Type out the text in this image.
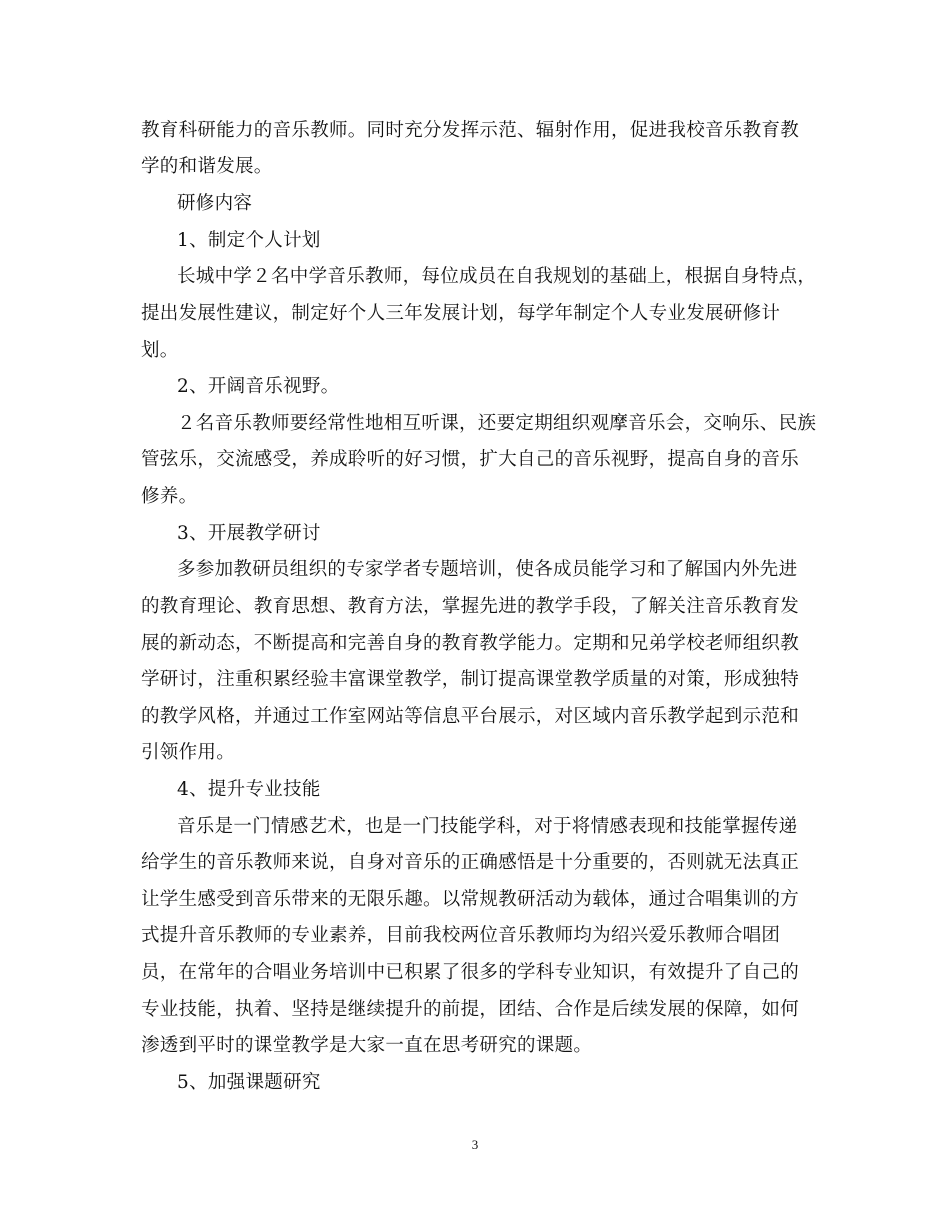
教育科研能力的音乐教师。同时充分发挥示范、辐射作用，促进我校音乐教育教
学的和谐发展。
研修内容
1、制定个人计划
长城中学２名中学音乐教师，每位成员在自我规划的基础上，根据自身特点，
提出发展性建议，制定好个人三年发展计划，每学年制定个人专业发展研修计
划。
2、开阔音乐视野。
２名音乐教师要经常性地相互听课，还要定期组织观摩音乐会，交响乐、民族
管弦乐，交流感受，养成聆听的好习惯，扩大自己的音乐视野，提高自身的音乐
修养。
3、开展教学研讨
多参加教研员组织的专家学者专题培训，使各成员能学习和了解国内外先进
的教育理论、教育思想、教育方法，掌握先进的教学手段，了解关注音乐教育发
展的新动态，不断提高和完善自身的教育教学能力。定期和兄弟学校老师组织教
学研讨，注重积累经验丰富课堂教学，制订提高课堂教学质量的对策，形成独特
的教学风格，并通过工作室网站等信息平台展示，对区域内音乐教学起到示范和
引领作用。
4、提升专业技能
音乐是一门情感艺术，也是一门技能学科，对于将情感表现和技能掌握传递
给学生的音乐教师来说，自身对音乐的正确感悟是十分重要的，否则就无法真正
让学生感受到音乐带来的无限乐趣。以常规教研活动为载体，通过合唱集训的方
式提升音乐教师的专业素养，目前我校两位音乐教师均为绍兴爱乐教师合唱团
员，在常年的合唱业务培训中已积累了很多的学科专业知识，有效提升了自己的
专业技能，执着、坚持是继续提升的前提，团结、合作是后续发展的保障，如何
渗透到平时的课堂教学是大家一直在思考研究的课题。
5、加强课题研究
3
